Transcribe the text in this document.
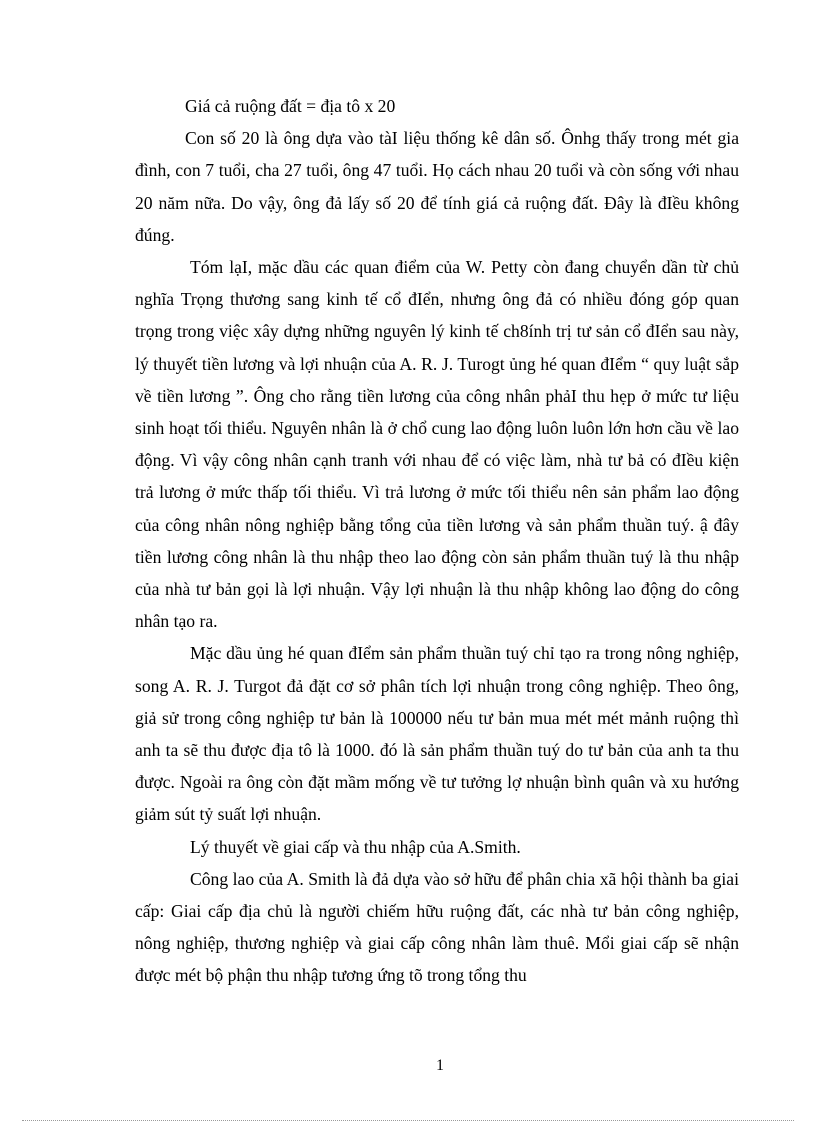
Giá cả ruộng đất = địa tô x 20

Con số 20 là ông dựa vào tàI liệu thống kê dân số. Ônhg thấy trong mét gia đình, con 7 tuổi, cha 27 tuổi, ông 47 tuổi. Họ cách nhau 20 tuổi và còn sống với nhau 20 năm nữa. Do vậy, ông đả lấy số 20 để tính giá cả ruộng đất. Đây là đIều không đúng.

Tóm lạI, mặc dầu các quan điểm của W. Petty còn đang chuyển dần từ chủ nghĩa Trọng thương sang kinh tế cổ đIển, nhưng ông đả có nhiều đóng góp quan trọng trong việc xây dựng những nguyên lý kinh tế ch8ính trị tư sản cổ đIển sau này, lý thuyết tiền lương và lợi nhuận của A. R. J. Turogt ủng hé quan đIểm “ quy luật sắp về tiền lương ”. Ông cho rằng tiền lương của công nhân phảI thu hẹp ở mức tư liệu sinh hoạt tối thiểu. Nguyên nhân là ở chổ cung lao động luôn luôn lớn hơn cầu về lao động. Vì vậy công nhân cạnh tranh với nhau để có việc làm, nhà tư bả có đIều kiện trả lương ở mức thấp tối thiểu. Vì trả lương ở mức tối thiểu nên sản phẩm lao động của công nhân nông nghiệp bằng tổng của tiền lương và sản phẩm thuần tuý. ậ đây tiền lương công nhân là thu nhập theo lao động còn sản phẩm thuần tuý là thu nhập của nhà tư bản gọi là lợi nhuận. Vậy lợi nhuận là thu nhập không lao động do công nhân tạo ra.

Mặc dầu ủng hé quan đIểm sản phẩm thuần tuý chỉ tạo ra trong nông nghiệp, song A. R. J. Turgot đả đặt cơ sở phân tích lợi nhuận trong công nghiệp. Theo ông, giả sử trong công nghiệp tư bản là 100000 nếu tư bản mua mét mét mảnh ruộng thì anh ta sẽ thu được địa tô là 1000. đó là sản phẩm thuần tuý do tư bản của anh ta thu được. Ngoài ra ông còn đặt mầm mống về tư tưởng lợ nhuận bình quân và xu hướng giảm sút tỷ suất lợi nhuận.

Lý thuyết về giai cấp và thu nhập của A.Smith.

Công lao của A. Smith là đả dựa vào sở hữu để phân chia xã hội thành ba giai cấp: Giai cấp địa chủ là người chiếm hữu ruộng đất, các nhà tư bản công nghiệp, nông nghiệp, thương nghiệp và giai cấp công nhân làm thuê. Mổi giai cấp sẽ nhận được mét bộ phận thu nhập tương ứng tõ trong tổng thu

1
